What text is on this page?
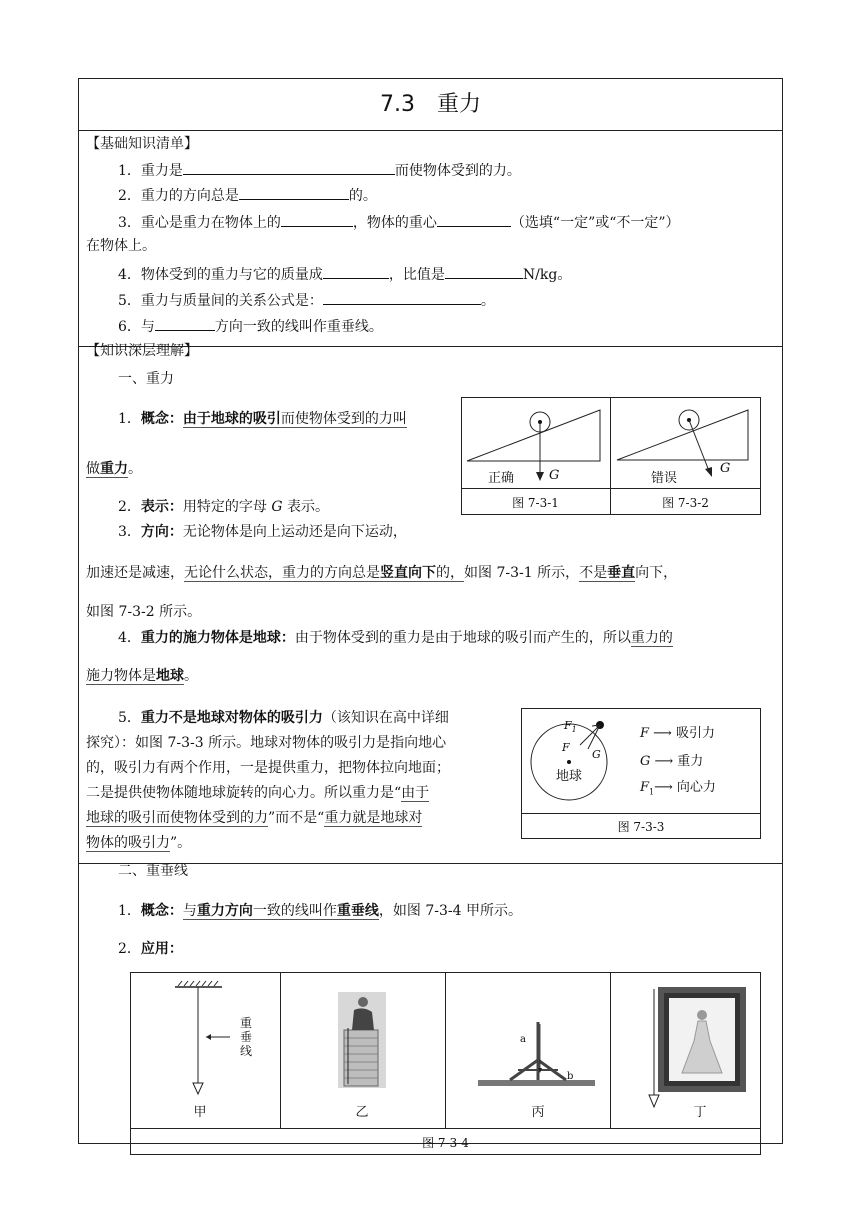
7.3　重力
【基础知识清单】
1．重力是	而使物体受到的力。
2．重力的方向总是	的。
3．重心是重力在物体上的	，物体的重心	（选填“一定”或“不一定”）
在物体上。
4．物体受到的重力与它的质量成	，比值是	N/kg。
5．重力与质量间的关系公式是：	。
6．与	方向一致的线叫作重垂线。
【知识深层理解】
一、重力
1．概念：由于地球的吸引而使物体受到的力叫
做重力。
2．表示：用特定的字母 G 表示。
3．方向：无论物体是向上运动还是向下运动，
加速还是减速，无论什么状态，重力的方向总是竖直向下的，如图 7-3-1 所示，不是垂直向下，
如图 7-3-2 所示。
4．重力的施力物体是地球：由于物体受到的重力是由于地球的吸引而产生的，所以重力的
施力物体是地球。
5．重力不是地球对物体的吸引力（该知识在高中详细
探究）：如图 7-3-3 所示。地球对物体的吸引力是指向地心
的，吸引力有两个作用，一是提供重力，把物体拉向地面；
二是提供使物体随地球旋转的向心力。所以重力是“由于
地球的吸引而使物体受到的力”而不是“重力就是地球对
物体的吸引力”。
二、重垂线
1．概念：与重力方向一致的线叫作重垂线，如图 7-3-4 甲所示。
2．应用：
正确	G
图 7-3-1
错误
G
图 7-3-2
$F_1$
F
G
地球
F ⟶ 吸引力
G ⟶ 重力
$F_1⟶$ 向心力
图 7-3-3
重
垂
线
甲	乙
a
b
丙	丁
图 7-3-4
